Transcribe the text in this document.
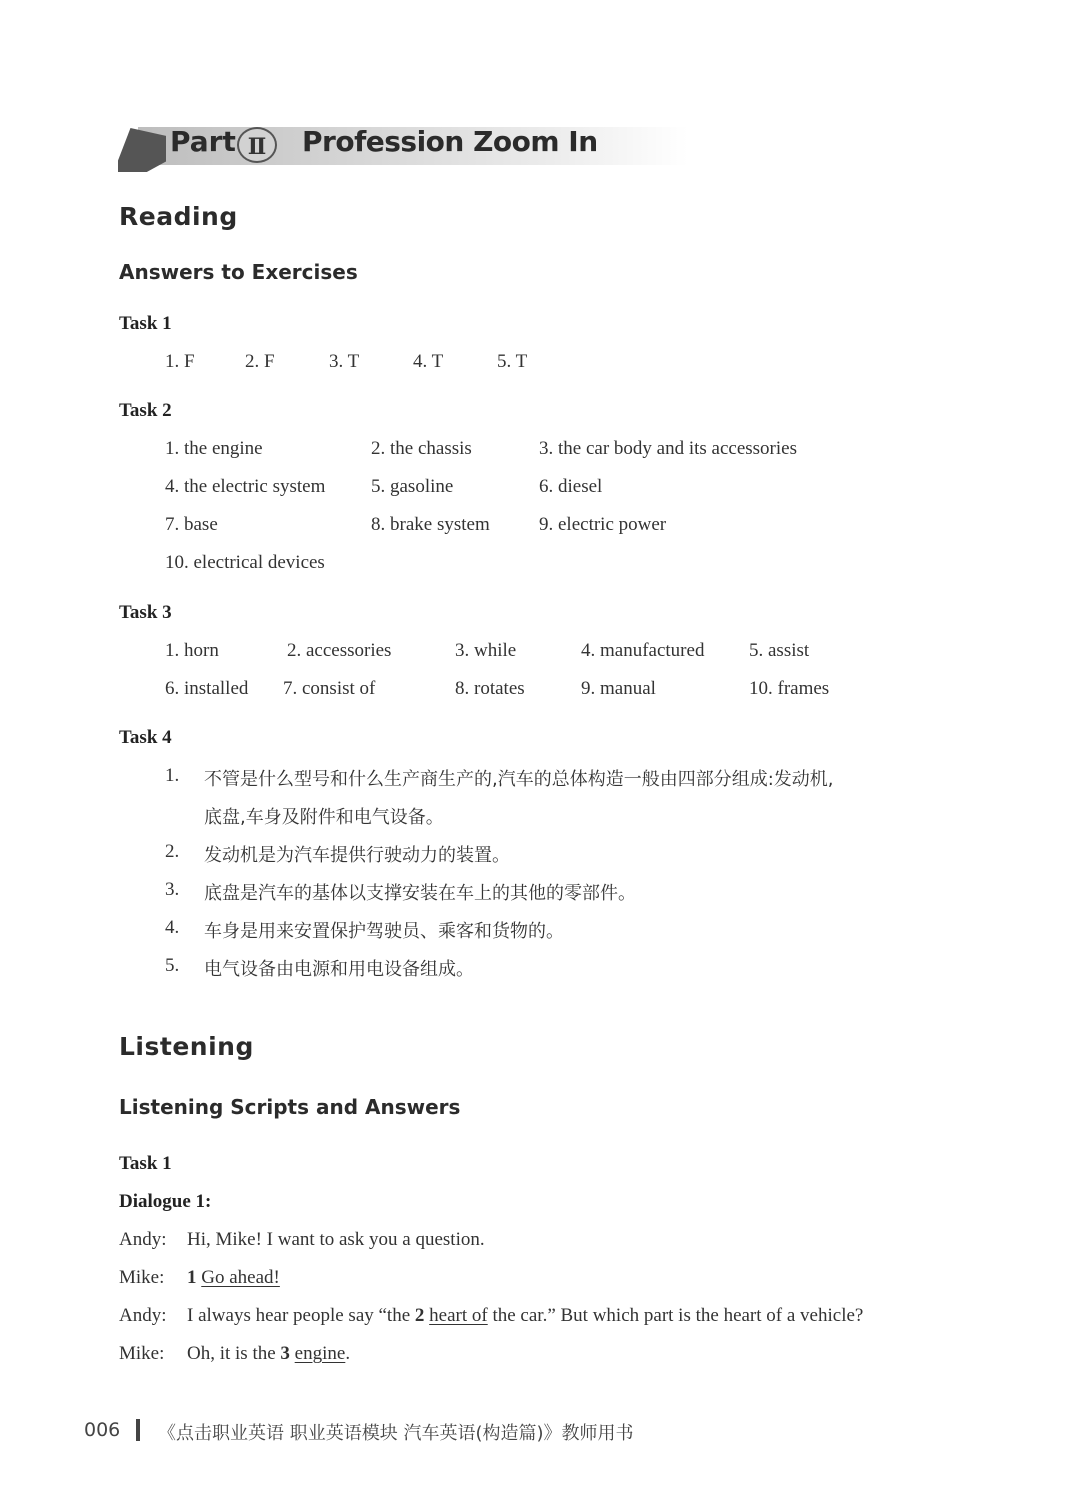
Part Ⅱ	Profession Zoom In
Reading
Answers to Exercises
Task 1
1. F	2. F	3. T	4. T	5. T
Task 2
1. the engine	2. the chassis	3. the car body and its accessories
4. the electric system 5. gasoline	6. diesel
7. base	8. brake system	9. electric power
10. electrical devices
Task 3
1. horn	2. accessories	3. while	4. manufactured 5. assist
6. installed 7. consist of	8. rotates	9. manual	10. frames
Task 4
1. 不管是什么型号和什么生产商生产的,汽车的总体构造一般由四部分组成:发动机,
底盘,车身及附件和电气设备。
2. 发动机是为汽车提供行驶动力的装置。
3. 底盘是汽车的基体以支撑安装在车上的其他的零部件。
4. 车身是用来安置保护驾驶员、乘客和货物的。
5. 电气设备由电源和用电设备组成。
Listening
Listening Scripts and Answers
Task 1
Dialogue 1:
Andy: Hi, Mike! I want to ask you a question.
Mike: 1 Go ahead!
Andy: I always hear people say “the 2 heart of the car.” But which part is the heart of a vehicle?
Mike: Oh, it is the 3 engine.
006 《点击职业英语 职业英语模块 汽车英语(构造篇)》教师用书
